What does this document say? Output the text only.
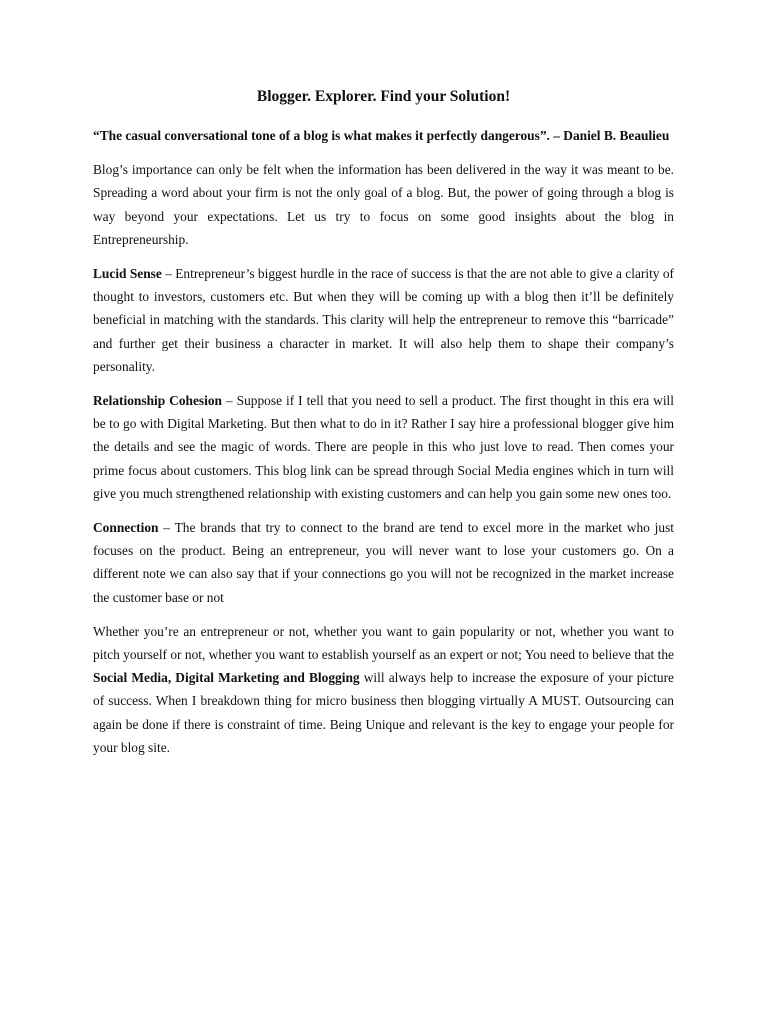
Blogger. Explorer. Find your Solution!

“The casual conversational tone of a blog is what makes it perfectly dangerous”. – Daniel B. Beaulieu

Blog’s importance can only be felt when the information has been delivered in the way it was meant to be. Spreading a word about your firm is not the only goal of a blog. But, the power of going through a blog is way beyond your expectations. Let us try to focus on some good insights about the blog in Entrepreneurship.

Lucid Sense – Entrepreneur’s biggest hurdle in the race of success is that the are not able to give a clarity of thought to investors, customers etc. But when they will be coming up with a blog then it’ll be definitely beneficial in matching with the standards. This clarity will help the entrepreneur to remove this “barricade” and further get their business a character in market. It will also help them to shape their company’s personality.

Relationship Cohesion – Suppose if I tell that you need to sell a product. The first thought in this era will be to go with Digital Marketing. But then what to do in it? Rather I say hire a professional blogger give him the details and see the magic of words. There are people in this who just love to read. Then comes your prime focus about customers. This blog link can be spread through Social Media engines which in turn will give you much strengthened relationship with existing customers and can help you gain some new ones too.

Connection – The brands that try to connect to the brand are tend to excel more in the market who just focuses on the product. Being an entrepreneur, you will never want to lose your customers go. On a different note we can also say that if your connections go you will not be recognized in the market increase the customer base or not

Whether you’re an entrepreneur or not, whether you want to gain popularity or not, whether you want to pitch yourself or not, whether you want to establish yourself as an expert or not; You need to believe that the Social Media, Digital Marketing and Blogging will always help to increase the exposure of your picture of success. When I breakdown thing for micro business then blogging virtually A MUST. Outsourcing can again be done if there is constraint of time. Being Unique and relevant is the key to engage your people for your blog site.
